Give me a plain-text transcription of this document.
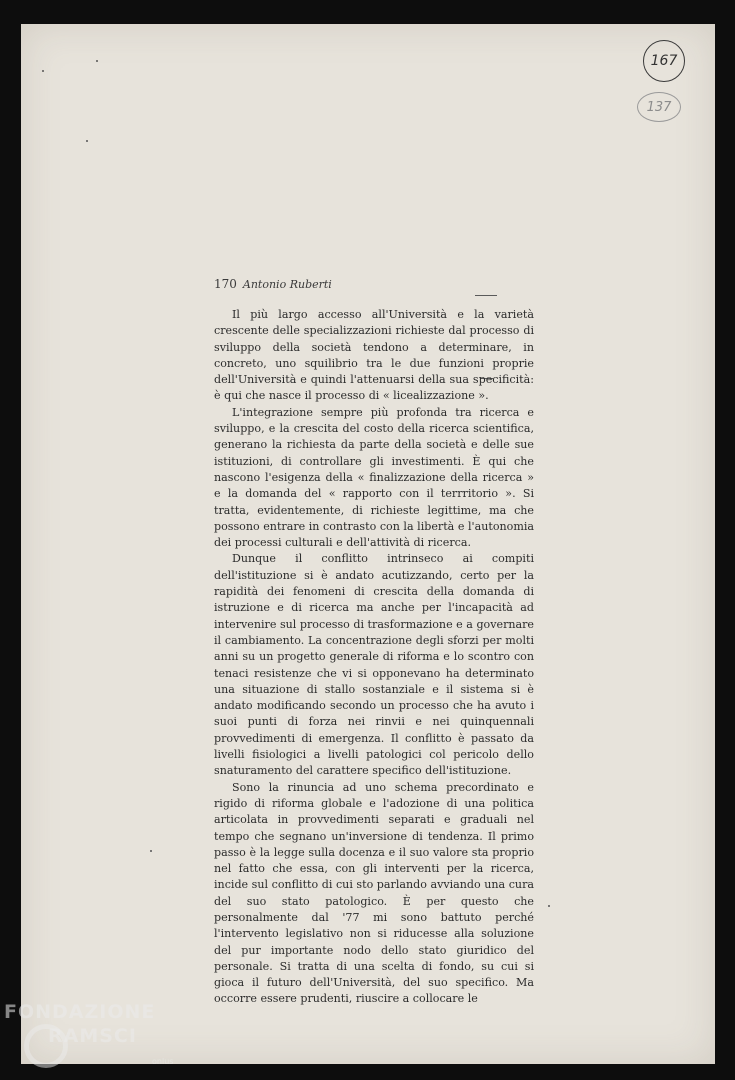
167
137
170 Antonio Ruberti

Il più largo accesso all'Università e la varietà crescente delle specializzazioni richieste dal processo di sviluppo della società tendono a determinare, in concreto, uno squilibrio tra le due funzioni proprie dell'Università e quindi l'attenuarsi della sua specificità: è qui che nasce il processo di « licealizzazione ».

L'integrazione sempre più profonda tra ricerca e sviluppo, e la crescita del costo della ricerca scientifica, generano la richiesta da parte della società e delle sue istituzioni, di controllare gli investimenti. È qui che nascono l'esigenza della « finalizzazione della ricerca » e la domanda del « rapporto con il terrritorio ». Si tratta, evidentemente, di richieste legittime, ma che possono entrare in contrasto con la libertà e l'autonomia dei processi culturali e dell'attività di ricerca.

Dunque il conflitto intrinseco ai compiti dell'istituzione si è andato acutizzando, certo per la rapidità dei fenomeni di crescita della domanda di istruzione e di ricerca ma anche per l'incapacità ad intervenire sul processo di trasformazione e a governare il cambiamento. La concentrazione degli sforzi per molti anni su un progetto generale di riforma e lo scontro con tenaci resistenze che vi si opponevano ha determinato una situazione di stallo sostanziale e il sistema si è andato modificando secondo un processo che ha avuto i suoi punti di forza nei rinvii e nei quinquennali provvedimenti di emergenza. Il conflitto è passato da livelli fisiologici a livelli patologici col pericolo dello snaturamento del carattere specifico dell'istituzione.

Sono la rinuncia ad uno schema precordinato e rigido di riforma globale e l'adozione di una politica articolata in provvedimenti separati e graduali nel tempo che segnano un'inversione di tendenza. Il primo passo è la legge sulla docenza e il suo valore sta proprio nel fatto che essa, con gli interventi per la ricerca, incide sul conflitto di cui sto parlando avviando una cura del suo stato patologico. È per questo che personalmente dal '77 mi sono battuto perché l'intervento legislativo non si riducesse alla soluzione del pur importante nodo dello stato giuridico del personale. Si tratta di una scelta di fondo, su cui si gioca il futuro dell'Università, del suo specifico. Ma occorre essere prudenti, riuscire a collocare le

FONDAZIONE
RAMSCI
onlus
